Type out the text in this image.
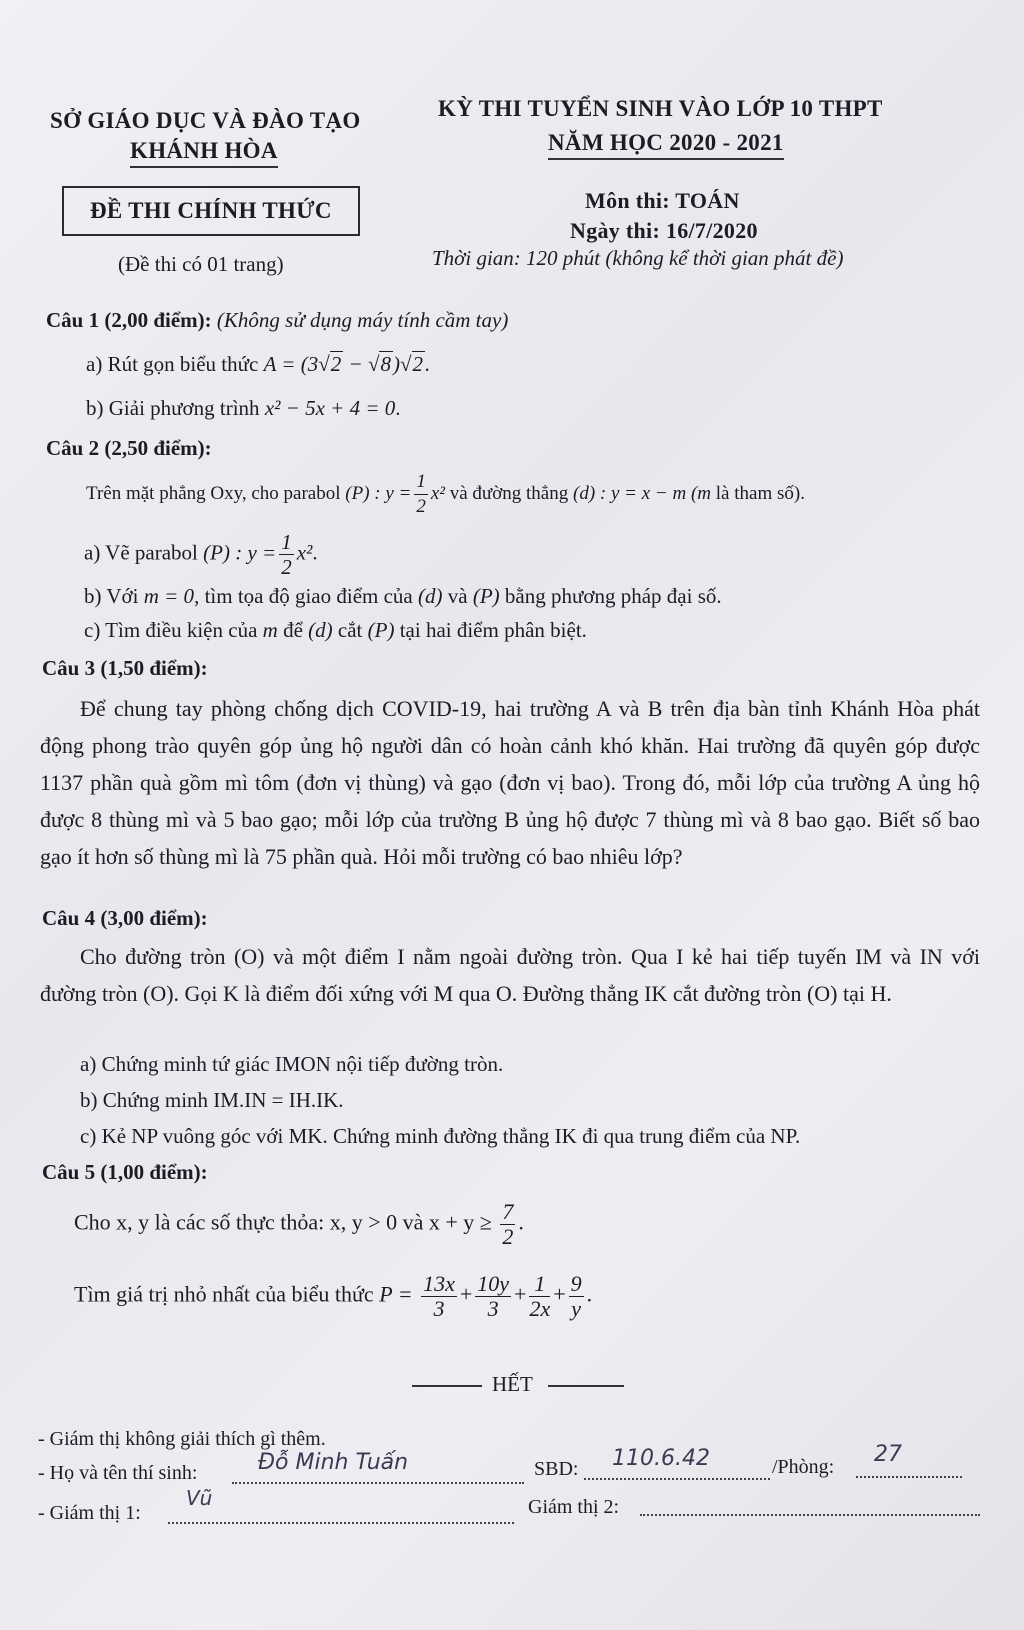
SỞ GIÁO DỤC VÀ ĐÀO TẠO
KHÁNH HÒA
KỲ THI TUYỂN SINH VÀO LỚP 10 THPT
NĂM HỌC 2020 - 2021
ĐỀ THI CHÍNH THỨC
(Đề thi có 01 trang)
Môn thi: TOÁN
Ngày thi: 16/7/2020
Thời gian: 120 phút (không kể thời gian phát đề)
Câu 1 (2,00 điểm): (Không sử dụng máy tính cầm tay)
a) Rút gọn biểu thức A = (3√2 − √8)√2.
b) Giải phương trình x² − 5x + 4 = 0.
Câu 2 (2,50 điểm):
Trên mặt phẳng Oxy, cho parabol (P) : $y = \frac{1}{2} x^2$ và đường thẳng (d) : y = x − m (m là tham số).
a) Vẽ parabol (P) : $y = \frac{1}{2} x^2$.
b) Với m = 0, tìm tọa độ giao điểm của (d) và (P) bằng phương pháp đại số.
c) Tìm điều kiện của m để (d) cắt (P) tại hai điểm phân biệt.
Câu 3 (1,50 điểm):
Để chung tay phòng chống dịch COVID-19, hai trường A và B trên địa bàn tỉnh Khánh Hòa phát động phong trào quyên góp ủng hộ người dân có hoàn cảnh khó khăn. Hai trường đã quyên góp được 1137 phần quà gồm mì tôm (đơn vị thùng) và gạo (đơn vị bao). Trong đó, mỗi lớp của trường A ủng hộ được 8 thùng mì và 5 bao gạo; mỗi lớp của trường B ủng hộ được 7 thùng mì và 8 bao gạo. Biết số bao gạo ít hơn số thùng mì là 75 phần quà. Hỏi mỗi trường có bao nhiêu lớp?
Câu 4 (3,00 điểm):
Cho đường tròn (O) và một điểm I nằm ngoài đường tròn. Qua I kẻ hai tiếp tuyến IM và IN với đường tròn (O). Gọi K là điểm đối xứng với M qua O. Đường thẳng IK cắt đường tròn (O) tại H.
a) Chứng minh tứ giác IMON nội tiếp đường tròn.
b) Chứng minh IM.IN = IH.IK.
c) Kẻ NP vuông góc với MK. Chứng minh đường thẳng IK đi qua trung điểm của NP.
Câu 5 (1,00 điểm):
Cho x, y là các số thực thỏa: x, y > 0 và $x + y \ge \frac{7}{2}$ .
Tìm giá trị nhỏ nhất của biểu thức $P = \frac{13x}{3} + \frac{10y}{3} + \frac{1}{2x} + \frac{9}{y}$ .
HẾT
- Giám thị không giải thích gì thêm.
- Họ và tên thí sinh:	Đỗ Minh Tuấn	SBD: 110.6.42	/Phòng: 27
- Giám thị 1:
Vũ	Giám thị 2:
